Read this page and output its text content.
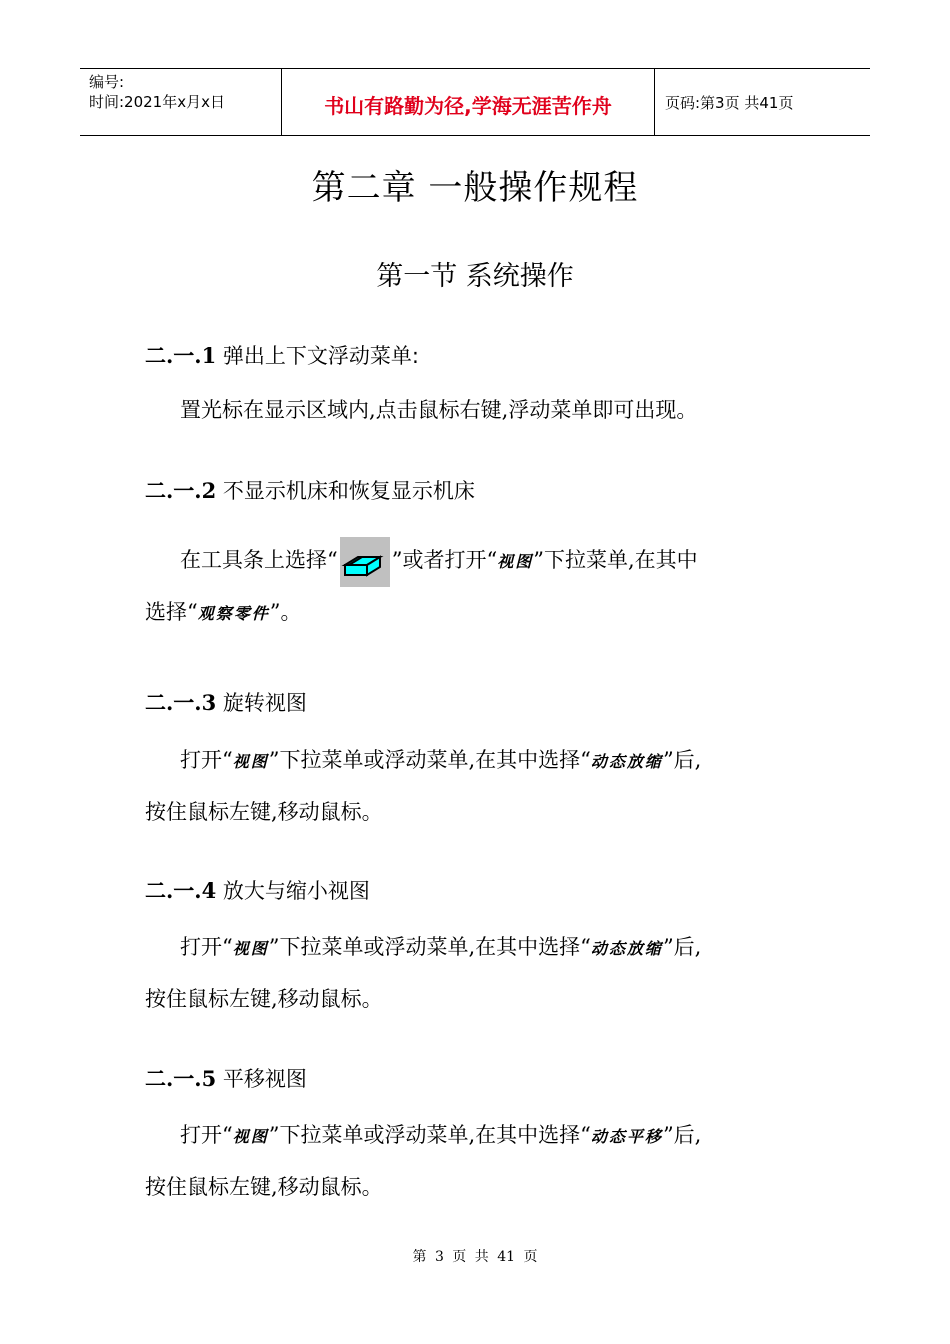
编号:
时间:2021年x月x日	书山有路勤为径,学海无涯苦作舟	页码:第3页 共41页
第二章 一般操作规程
第一节 系统操作
二.一.1 弹出上下文浮动菜单:
置光标在显示区域内,点击鼠标右键,浮动菜单即可出现。
二.一.2 不显示机床和恢复显示机床
在工具条上选择“	”或者打开“视图”下拉菜单,在其中
选择“观察零件”。
二.一.3 旋转视图
打开“视图”下拉菜单或浮动菜单,在其中选择“动态放缩”后,
按住鼠标左键,移动鼠标。
二.一.4 放大与缩小视图
打开“视图”下拉菜单或浮动菜单,在其中选择“动态放缩”后,
按住鼠标左键,移动鼠标。
二.一.5 平移视图
打开“视图”下拉菜单或浮动菜单,在其中选择“动态平移”后,
按住鼠标左键,移动鼠标。
第 3 页 共 41 页
